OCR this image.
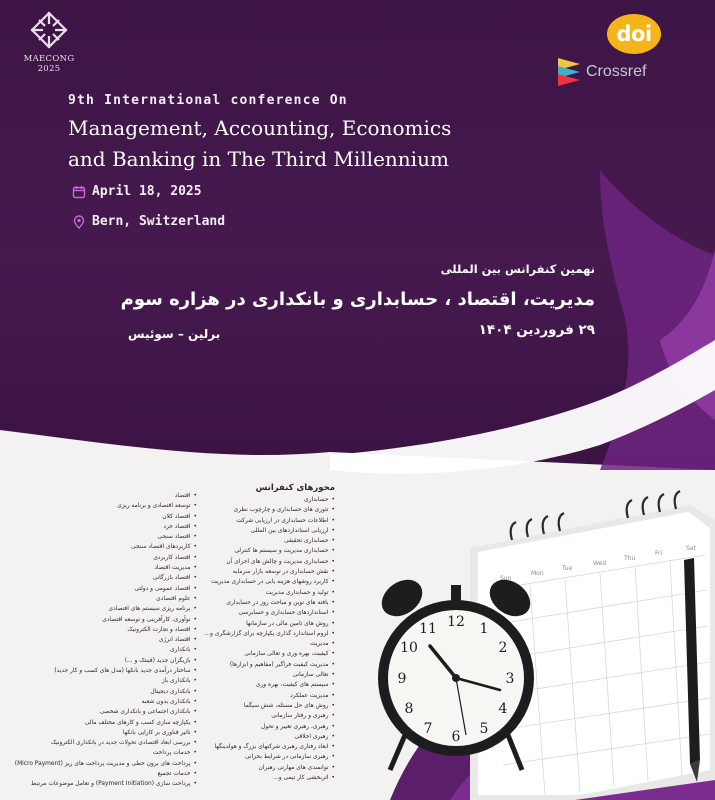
MAECONG 2025
doi
Crossref
9th International conference On
Management, Accounting, Economics
and Banking in The Third Millennium
April 18, 2025
Bern, Switzerland
نهمین کنفرانس بین المللی
مدیریت، اقتصاد ، حسابداری و بانکداری در هزاره سوم
۲۹ فروردین ۱۴۰۴
برلین – سوئیس
محورهای کنفرانس
• حسابداری
• تئوری های حسابداری و چارچوب نظری
• اطلاعات حسابداری در ارزیابی شرکت
• ارزیابی استانداردهای بین المللی
• حسابداری تحقیقی
• حسابداری مدیریت و سیستم ها کنترلی
• حسابداری مدیریت و چالش های اجرای آن
• نقش حسابداری در توسعه بازار سرمایه
• کاربرد روشهای هزینه یابی در حسابداری مدیریت
• تولید و حسابداری مدیریت
• یافته های نوین و مباحث روز در حسابداری
• استانداردهای حسابداری و حسابرسی
• روش های تامین مالی در سازمانها
• لزوم استاندارد گذاری یکپارچه برای گزارشگری و...
• مدیریت
• کیفیت، بهره وری و تعالی سازمانی
• مدیریت کیفیت فراگیر (مفاهیم و ابزارها)
• تعالی سازمانی
• سیستم های کیفیت، بهره وری
• مدیریت عملکرد
• روش های حل مسئله، شش سیگما
• رهبری و رفتار سازمانی
• رهبری، رهبری تغییر و تحول
• رهبری اخلاقی
• ابعاد رفتاری رهبری شرکتهای بزرگ و هولدینگها
• رهبری سازمانی در شرایط بحرانی
• توانمندی های مهارتی رهبران
• اثربخشی کار تیمی و...
• اقتصاد
• توسعه اقتصادی و برنامه ریزی
• اقتصاد کلان
• اقتصاد خرد
• اقتصاد سنجی
• کاربردهای اقتصاد سنجی
• اقتصاد کاربردی
• مدیریت اقتصاد
• اقتصاد بازرگانی
• اقتصاد عمومی و دولتی
• علوم اقتصادی
• برنامه ریزی سیستم های اقتصادی
• نوآوری، کارآفرینی و توسعه اقتصادی
• اقتصاد و تجارت الکترونیک
• اقتصاد انرژی
• بانکداری
• بازیگران جدید (فینتک و ...)
• ساختار درآمدی جدید بانکها (مدل های کسب و کار جدید)
• بانکداری باز
• بانکداری دیجیتال
• بانکداری بدون شعبه
• بانکداری اجتماعی و بانکداری شخصی
• یکپارچه سازی کسب و کارهای مختلف مالی
• تاثیر فناوری بر کارایی بانکها
• بررسی ابعاد اقتصادی تحولات جدید در بانکداری الکترونیک
• خدمات پرداخت
• پرداخت های برون خطی و مدیریت پرداخت های ریز (Micro Payment)
• خدمات تجمیع
• پرداخت سازی (Payment Initiation) و تعامل موضوعات مرتبط
Sun
Mon
Tue
Wed
Thu
Fri
Sat
12 1
2
3
4
5
6
7
8
9
10
11
